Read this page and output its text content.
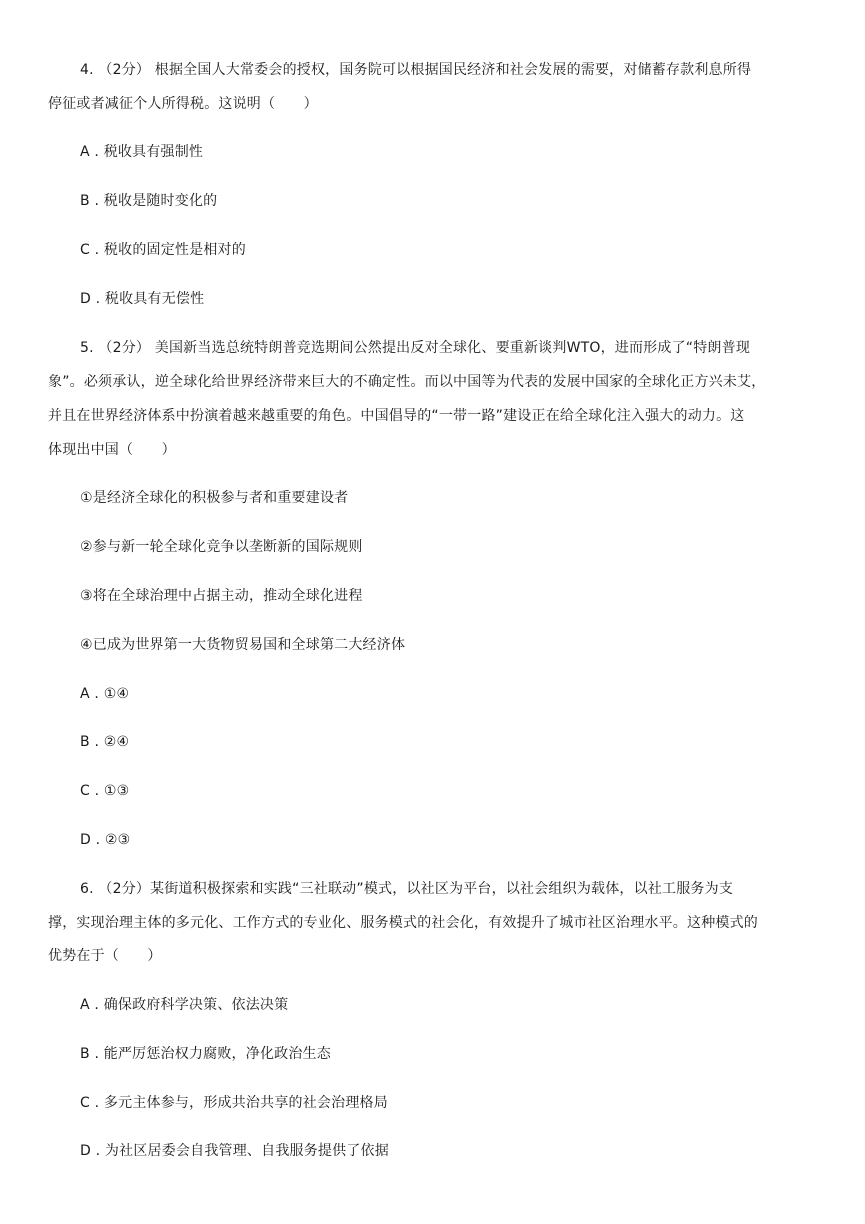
4. （2分） 根据全国人大常委会的授权，国务院可以根据国民经济和社会发展的需要，对储蓄存款利息所得
停征或者减征个人所得税。这说明（　　）
A . 税收具有强制性
B . 税收是随时变化的
C . 税收的固定性是相对的
D . 税收具有无偿性
5. （2分） 美国新当选总统特朗普竞选期间公然提出反对全球化、要重新谈判WTO，进而形成了“特朗普现
象”。必须承认，逆全球化给世界经济带来巨大的不确定性。而以中国等为代表的发展中国家的全球化正方兴未艾，
并且在世界经济体系中扮演着越来越重要的角色。中国倡导的“一带一路”建设正在给全球化注入强大的动力。这
体现出中国（　　）
①是经济全球化的积极参与者和重要建设者
②参与新一轮全球化竞争以垄断新的国际规则
③将在全球治理中占据主动，推动全球化进程
④已成为世界第一大货物贸易国和全球第二大经济体
A . ①④
B . ②④
C . ①③
D . ②③
6. （2分）某街道积极探索和实践“三社联动”模式，以社区为平台，以社会组织为载体，以社工服务为支
撑，实现治理主体的多元化、工作方式的专业化、服务模式的社会化，有效提升了城市社区治理水平。这种模式的
优势在于（　　）
A . 确保政府科学决策、依法决策
B . 能严厉惩治权力腐败，净化政治生态
C . 多元主体参与，形成共治共享的社会治理格局
D . 为社区居委会自我管理、自我服务提供了依据
